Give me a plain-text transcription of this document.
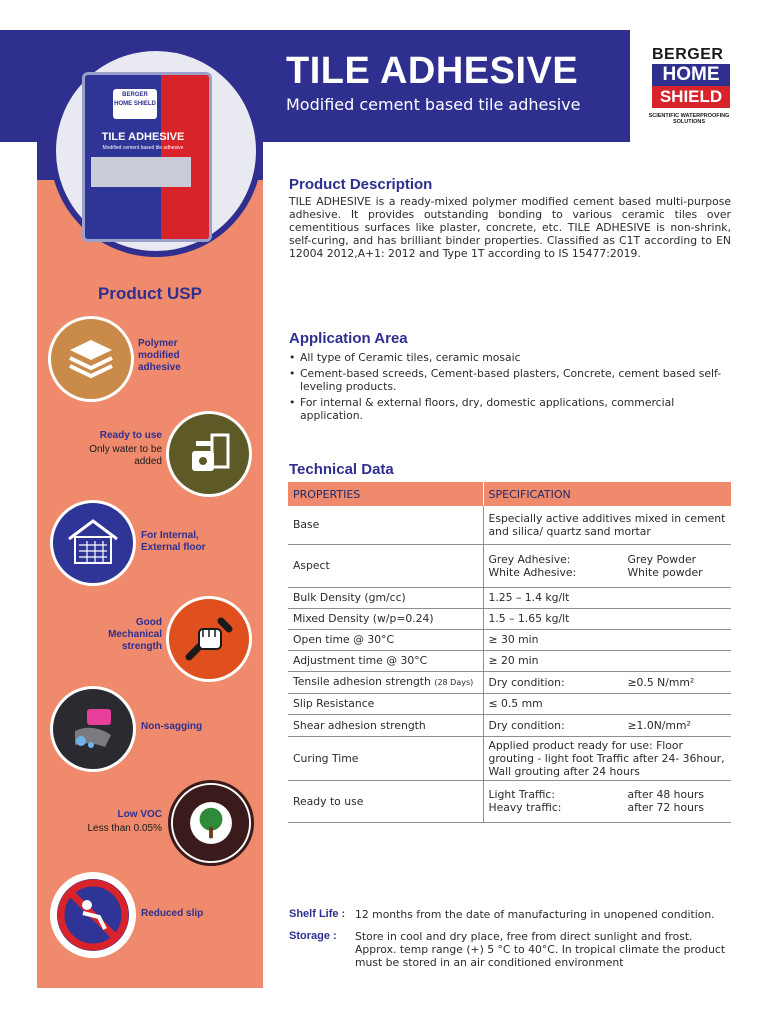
TILE ADHESIVE
Modified cement based tile adhesive
BERGER
HOME
SHIELD
SCIENTIFIC WATERPROOFING SOLUTIONS
BERGER HOME SHIELD
TILE ADHESIVE
Modified cement based tile adhesive
Product USP
Polymer modified adhesive
Ready to use
Only water to be added
For Internal, External floor
Good Mechanical strength
Non-sagging
Low VOC
Less than 0.05%
Reduced slip
Product Description
TILE ADHESIVE is a ready-mixed polymer modified cement based multi-purpose adhesive. It provides outstanding bonding to various ceramic tiles over cementitious surfaces like plaster, concrete, etc. TILE ADHESIVE is non-shrink, self-curing, and has brilliant binder properties. Classified as C1T according to EN 12004 2012,A+1: 2012 and Type 1T according to IS 15477:2019.
Application Area
• All type of Ceramic tiles, ceramic mosaic
• Cement-based screeds, Cement-based plasters, Concrete, cement based self-leveling products.
• For internal & external floors, dry, domestic applications, commercial application.
Technical Data
PROPERTIES	SPECIFICATION
Base	Especially active additives mixed in cement and silica/ quartz sand mortar
Aspect	Grey Adhesive: Grey Powder
White Adhesive: White powder

Bulk Density (gm/cc)	1.25 – 1.4 kg/lt
Mixed Density (w/p=0.24)	1.5 – 1.65 kg/lt
Open time @ 30°C	≥ 30 min
Adjustment time @ 30°C	≥ 20 min
Tensile adhesion strength (28 Days)	Dry condition: ≥0.5 N/mm²

Slip Resistance	≤ 0.5 mm
Shear adhesion strength	Dry condition: ≥1.0N/mm²

Curing Time	Applied product ready for use: Floor grouting - light foot Traffic after 24- 36hour, Wall grouting after 24 hours
Ready to use	Light Traffic: after 48 hours
Heavy traffic: after 72 hours
Shelf Life : 12 months from the date of manufacturing in unopened condition.
Storage : Store in cool and dry place, free from direct sunlight and frost. Approx. temp range (+) 5 °C to 40°C. In tropical climate the product must be stored in an air conditioned environment
